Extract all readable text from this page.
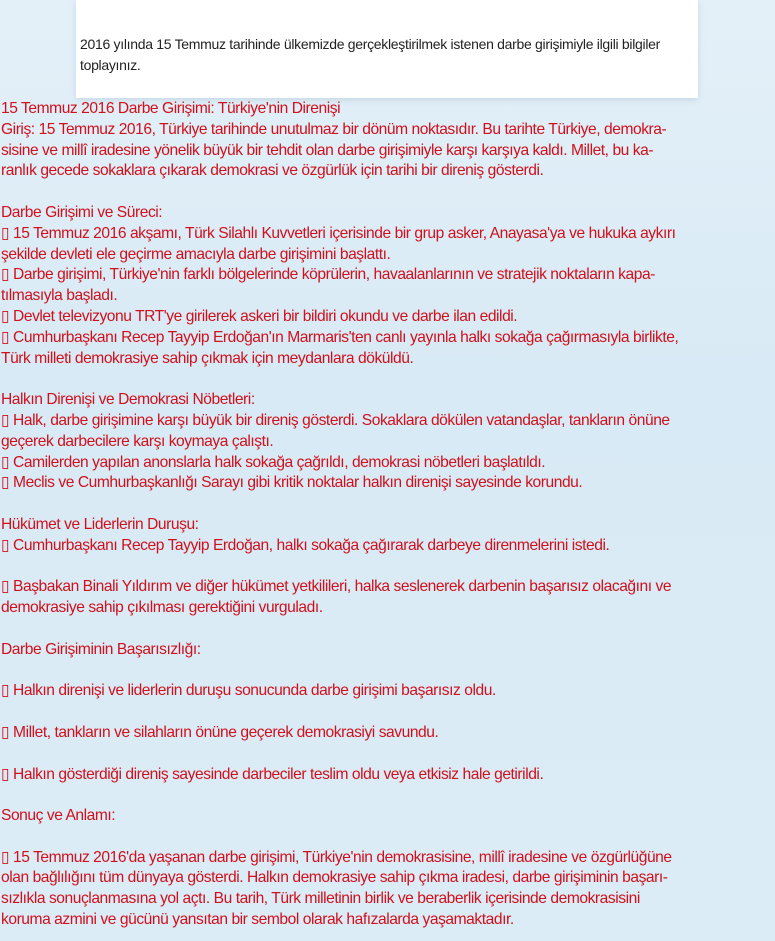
2016 yılında 15 Temmuz tarihinde ülkemizde gerçekleştirilmek istenen darbe girişimiyle ilgili bilgiler
toplayınız.
15 Temmuz 2016 Darbe Girişimi: Türkiye'nin Direnişi
Giriş: 15 Temmuz 2016, Türkiye tarihinde unutulmaz bir dönüm noktasıdır. Bu tarihte Türkiye, demokra-
sisine ve millî iradesine yönelik büyük bir tehdit olan darbe girişimiyle karşı karşıya kaldı. Millet, bu ka-
ranlık gecede sokaklara çıkarak demokrasi ve özgürlük için tarihi bir direniş gösterdi.
Darbe Girişimi ve Süreci:
▯ 15 Temmuz 2016 akşamı, Türk Silahlı Kuvvetleri içerisinde bir grup asker, Anayasa'ya ve hukuka aykırı
şekilde devleti ele geçirme amacıyla darbe girişimini başlattı.
▯ Darbe girişimi, Türkiye'nin farklı bölgelerinde köprülerin, havaalanlarının ve stratejik noktaların kapa-
tılmasıyla başladı.
▯ Devlet televizyonu TRT'ye girilerek askeri bir bildiri okundu ve darbe ilan edildi.
▯ Cumhurbaşkanı Recep Tayyip Erdoğan'ın Marmaris'ten canlı yayınla halkı sokağa çağırmasıyla birlikte,
Türk milleti demokrasiye sahip çıkmak için meydanlara döküldü.
Halkın Direnişi ve Demokrasi Nöbetleri:
▯ Halk, darbe girişimine karşı büyük bir direniş gösterdi. Sokaklara dökülen vatandaşlar, tankların önüne
geçerek darbecilere karşı koymaya çalıştı.
▯ Camilerden yapılan anonslarla halk sokağa çağrıldı, demokrasi nöbetleri başlatıldı.
▯ Meclis ve Cumhurbaşkanlığı Sarayı gibi kritik noktalar halkın direnişi sayesinde korundu.
Hükümet ve Liderlerin Duruşu:
▯ Cumhurbaşkanı Recep Tayyip Erdoğan, halkı sokağa çağırarak darbeye direnmelerini istedi.
▯ Başbakan Binali Yıldırım ve diğer hükümet yetkilileri, halka seslenerek darbenin başarısız olacağını ve
demokrasiye sahip çıkılması gerektiğini vurguladı.
Darbe Girişiminin Başarısızlığı:
▯ Halkın direnişi ve liderlerin duruşu sonucunda darbe girişimi başarısız oldu.
▯ Millet, tankların ve silahların önüne geçerek demokrasiyi savundu.
▯ Halkın gösterdiği direniş sayesinde darbeciler teslim oldu veya etkisiz hale getirildi.
Sonuç ve Anlamı:
▯ 15 Temmuz 2016'da yaşanan darbe girişimi, Türkiye'nin demokrasisine, millî iradesine ve özgürlüğüne
olan bağlılığını tüm dünyaya gösterdi. Halkın demokrasiye sahip çıkma iradesi, darbe girişiminin başarı-
sızlıkla sonuçlanmasına yol açtı. Bu tarih, Türk milletinin birlik ve beraberlik içerisinde demokrasisini
koruma azmini ve gücünü yansıtan bir sembol olarak hafızalarda yaşamaktadır.
